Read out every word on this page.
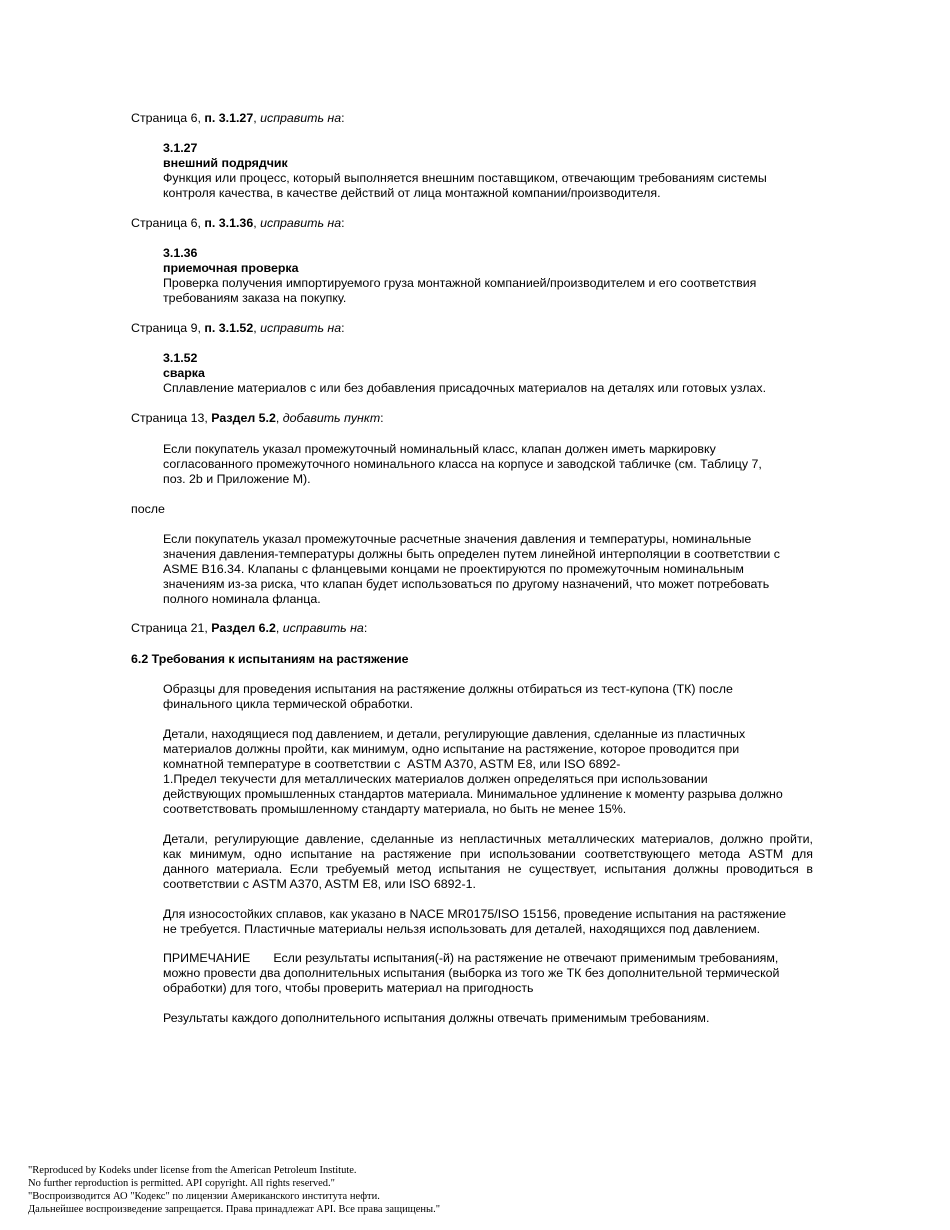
Страница 6, п. 3.1.27, исправить на:
3.1.27
внешний подрядчик
Функция или процесс, который выполняется внешним поставщиком, отвечающим требованиям системы
контроля качества, в качестве действий от лица монтажной компании/производителя.
Страница 6, п. 3.1.36, исправить на:
3.1.36
приемочная проверка
Проверка получения импортируемого груза монтажной компанией/производителем и его соответствия
требованиям заказа на покупку.
Страница 9, п. 3.1.52, исправить на:
3.1.52
сварка
Сплавление материалов с или без добавления присадочных материалов на деталях или готовых узлах.
Страница 13, Раздел 5.2, добавить пункт:
Если покупатель указал промежуточный номинальный класс, клапан должен иметь маркировку
согласованного промежуточного номинального класса на корпусе и заводской табличке (см. Таблицу 7,
поз. 2b и Приложение M).
после
Если покупатель указал промежуточные расчетные значения давления и температуры, номинальные
значения давления-температуры должны быть определен путем линейной интерполяции в соответствии с
ASME B16.34. Клапаны с фланцевыми концами не проектируются по промежуточным номинальным
значениям из-за риска, что клапан будет использоваться по другому назначений, что может потребовать
полного номинала фланца.
Страница 21, Раздел 6.2, исправить на:
6.2 Требования к испытаниям на растяжение
Образцы для проведения испытания на растяжение должны отбираться из тест-купона (ТК) после
финального цикла термической обработки.
Детали, находящиеся под давлением, и детали, регулирующие давления, сделанные из пластичных
материалов должны пройти, как минимум, одно испытание на растяжение, которое проводится при
комнатной температуре в соответствии с  ASTM A370, ASTM E8, или ISO 6892-
1.Предел текучести для металлических материалов должен определяться при использовании
действующих промышленных стандартов материала. Минимальное удлинение к моменту разрыва должно
соответствовать промышленному стандарту материала, но быть не менее 15%.
Детали, регулирующие давление, сделанные из непластичных металлических материалов, должно пройти,
как минимум, одно испытание на растяжение при использовании соответствующего метода ASTM для
данного материала. Если требуемый метод испытания не существует, испытания должны проводиться в
соответствии с ASTM A370, ASTM E8, или ISO 6892-1.
Для износостойких сплавов, как указано в NACE MR0175/ISO 15156, проведение испытания на растяжение
не требуется. Пластичные материалы нельзя использовать для деталей, находящихся под давлением.
ПРИМЕЧАНИЕ Если результаты испытания(-й) на растяжение не отвечают применимым требованиям,
можно провести два дополнительных испытания (выборка из того же ТК без дополнительной термической
обработки) для того, чтобы проверить материал на пригодность
Результаты каждого дополнительного испытания должны отвечать применимым требованиям.
"Reproduced by Kodeks under license from the American Petroleum Institute.
No further reproduction is permitted. API copyright. All rights reserved."
"Воспроизводится АО "Кодекс" по лицензии Американского института нефти.
Дальнейшее воспроизведение запрещается. Права принадлежат API. Все права защищены."
